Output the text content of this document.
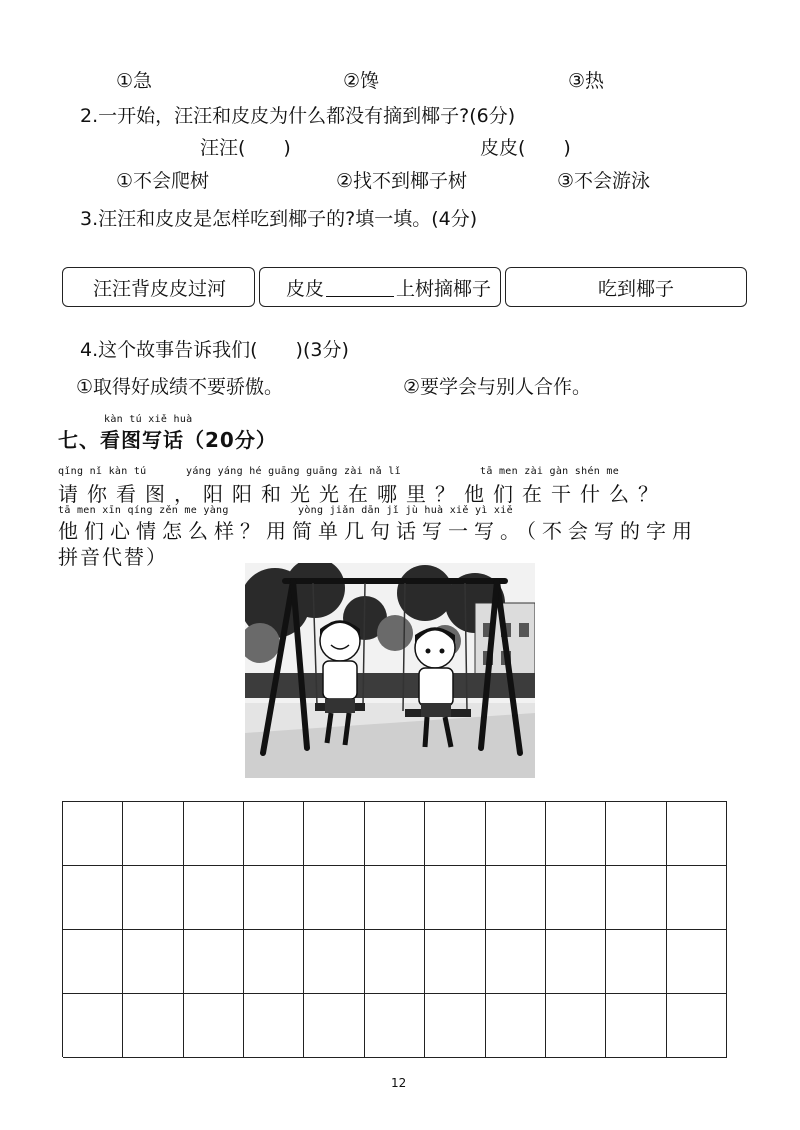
①急	②馋	③热
2.一开始，汪汪和皮皮为什么都没有摘到椰子?(6分)
汪汪(　　)	皮皮(　　)
①不会爬树	②找不到椰子树	③不会游泳
3.汪汪和皮皮是怎样吃到椰子的?填一填。(4分)
汪汪背皮皮过河	皮皮	上树摘椰子	吃到椰子
4.这个故事告诉我们(　　)(3分)
①取得好成绩不要骄傲。	②要学会与别人合作。
kàn tú xiě huà
七、看图写话（20分）
qǐng nǐ kàn tú	yáng yáng hé guāng guāng zài nǎ lǐ	tā men zài gàn shén me
请你看图，阳阳和光光在哪里？他们在干什么？
tā men xīn qíng zěn me yàng	yòng jiǎn dān jǐ jù huà xiě yì xiě
他们心情怎么样？用简单几句话写一写。（不会写的字用
拼音代替）
12
